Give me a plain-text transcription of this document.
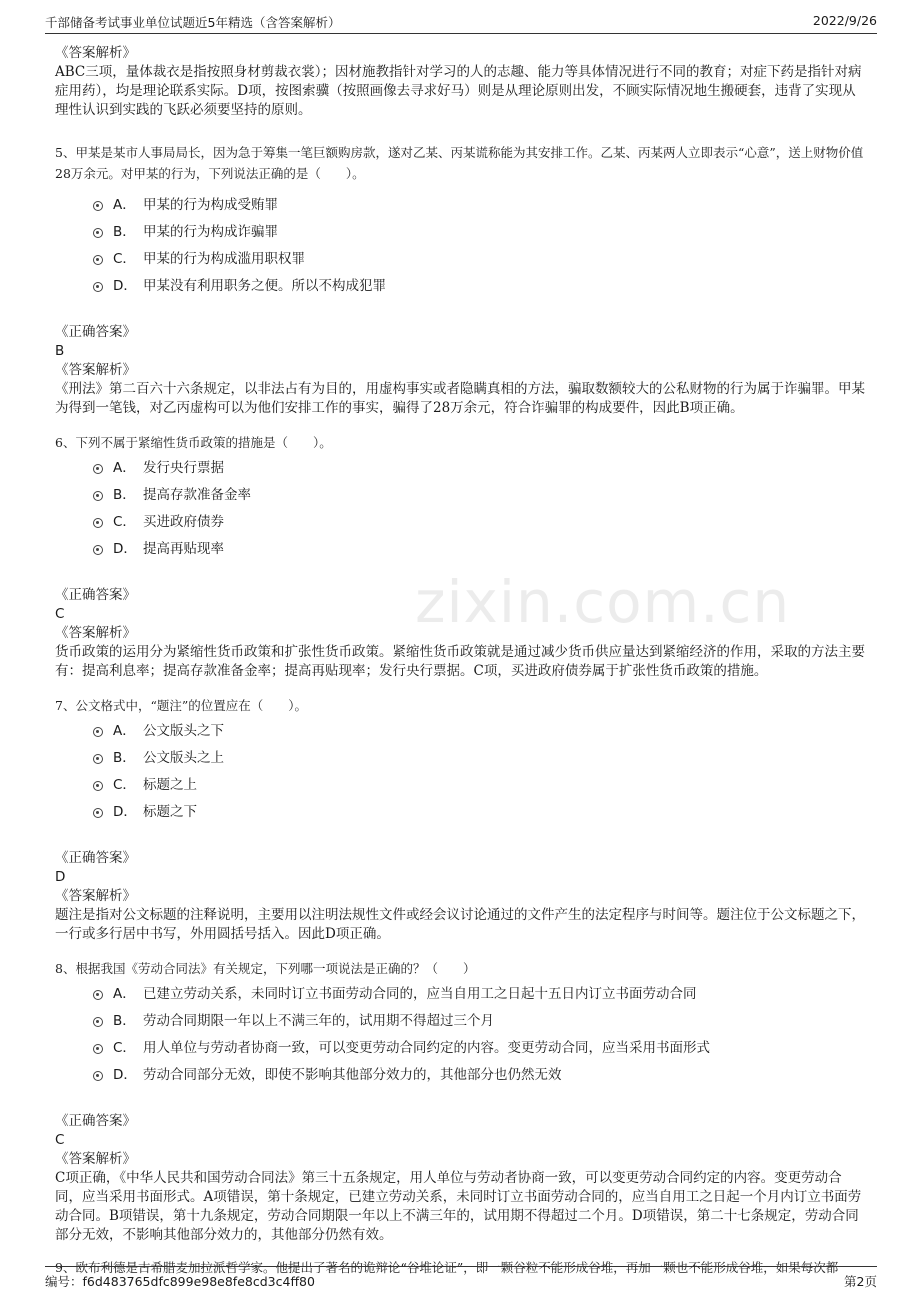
千部储备考试事业单位试题近5年精选（含答案解析）	2022/9/26
zixin.com.cn

《答案解析》

ABC三项，量体裁衣是指按照身材剪裁衣裳）；因材施教指针对学习的人的志趣、能力等具体情况进行不同的教育；对症下药是指针对病症用药），均是理论联系实际。D项，按图索骥（按照画像去寻求好马）则是从理论原则出发，不顾实际情况地生搬硬套，违背了实现从理性认识到实践的飞跃必须要坚持的原则。

5、甲某是某市人事局局长，因为急于筹集一笔巨额购房款，遂对乙某、丙某谎称能为其安排工作。乙某、丙某两人立即表示“心意”，送上财物价值28万余元。对甲某的行为，下列说法正确的是（　　）。

A． 甲某的行为构成受贿罪
B． 甲某的行为构成诈骗罪
C． 甲某的行为构成滥用职权罪
D． 甲某没有利用职务之便。所以不构成犯罪

《正确答案》

B

《答案解析》

《刑法》第二百六十六条规定，以非法占有为目的，用虚构事实或者隐瞒真相的方法，骗取数额较大的公私财物的行为属于诈骗罪。甲某为得到一笔钱，对乙丙虚构可以为他们安排工作的事实，骗得了28万余元，符合诈骗罪的构成要件，因此B项正确。

6、下列不属于紧缩性货币政策的措施是（　　）。

A． 发行央行票据
B． 提高存款准备金率
C． 买进政府债券
D． 提高再贴现率

《正确答案》

C

《答案解析》

货币政策的运用分为紧缩性货币政策和扩张性货币政策。紧缩性货币政策就是通过减少货币供应量达到紧缩经济的作用，采取的方法主要有：提高利息率；提高存款准备金率；提高再贴现率；发行央行票据。C项，买进政府债券属于扩张性货币政策的措施。

7、公文格式中，“题注”的位置应在（　　）。

A． 公文版头之下
B． 公文版头之上
C． 标题之上
D． 标题之下

《正确答案》

D

《答案解析》

题注是指对公文标题的注释说明，主要用以注明法规性文件或经会议讨论通过的文件产生的法定程序与时间等。题注位于公文标题之下，一行或多行居中书写，外用圆括号括入。因此D项正确。

8、根据我国《劳动合同法》有关规定，下列哪一项说法是正确的？（　　）

A． 已建立劳动关系，未同时订立书面劳动合同的，应当自用工之日起十五日内订立书面劳动合同
B． 劳动合同期限一年以上不满三年的，试用期不得超过三个月
C． 用人单位与劳动者协商一致，可以变更劳动合同约定的内容。变更劳动合同，应当采用书面形式
D． 劳动合同部分无效，即使不影响其他部分效力的，其他部分也仍然无效

《正确答案》

C

《答案解析》

C项正确，《中华人民共和国劳动合同法》第三十五条规定，用人单位与劳动者协商一致，可以变更劳动合同约定的内容。变更劳动合同，应当采用书面形式。A项错误，第十条规定，已建立劳动关系，未同时订立书面劳动合同的，应当自用工之日起一个月内订立书面劳动合同。B项错误，第十九条规定，劳动合同期限一年以上不满三年的，试用期不得超过二个月。D项错误，第二十七条规定，劳动合同部分无效，不影响其他部分效力的，其他部分仍然有效。

9、欧布利德是古希腊麦加拉派哲学家。他提出了著名的诡辩论“谷堆论证”，即一颗谷粒不能形成谷堆，再加一颗也不能形成谷堆，如果每次都

编号：f6d483765dfc899e98e8fe8cd3c4ff80	第2页
